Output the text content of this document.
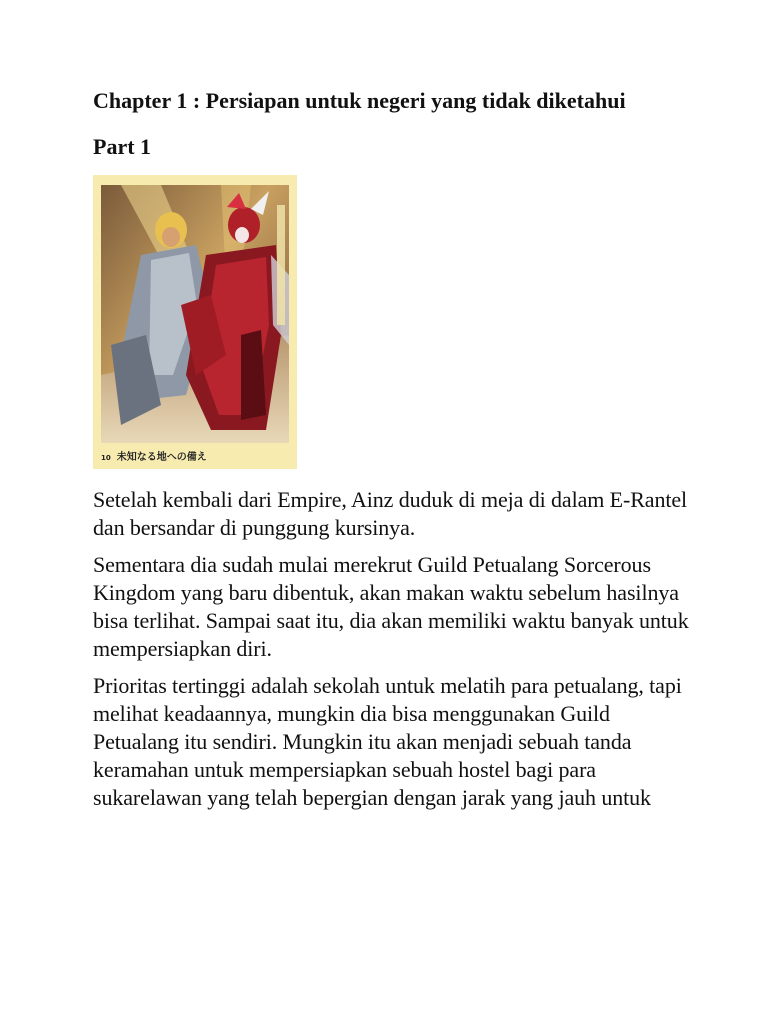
Chapter 1 : Persiapan untuk negeri yang tidak diketahui
Part 1
10 未知なる地への備え

Setelah kembali dari Empire, Ainz duduk di meja di dalam E-Rantel dan bersandar di punggung kursinya.

Sementara dia sudah mulai merekrut Guild Petualang Sorcerous Kingdom yang baru dibentuk, akan makan waktu sebelum hasilnya bisa terlihat. Sampai saat itu, dia akan memiliki waktu banyak untuk mempersiapkan diri.

Prioritas tertinggi adalah sekolah untuk melatih para petualang, tapi melihat keadaannya, mungkin dia bisa menggunakan Guild Petualang itu sendiri. Mungkin itu akan menjadi sebuah tanda keramahan untuk mempersiapkan sebuah hostel bagi para sukarelawan yang telah bepergian dengan jarak yang jauh untuk
